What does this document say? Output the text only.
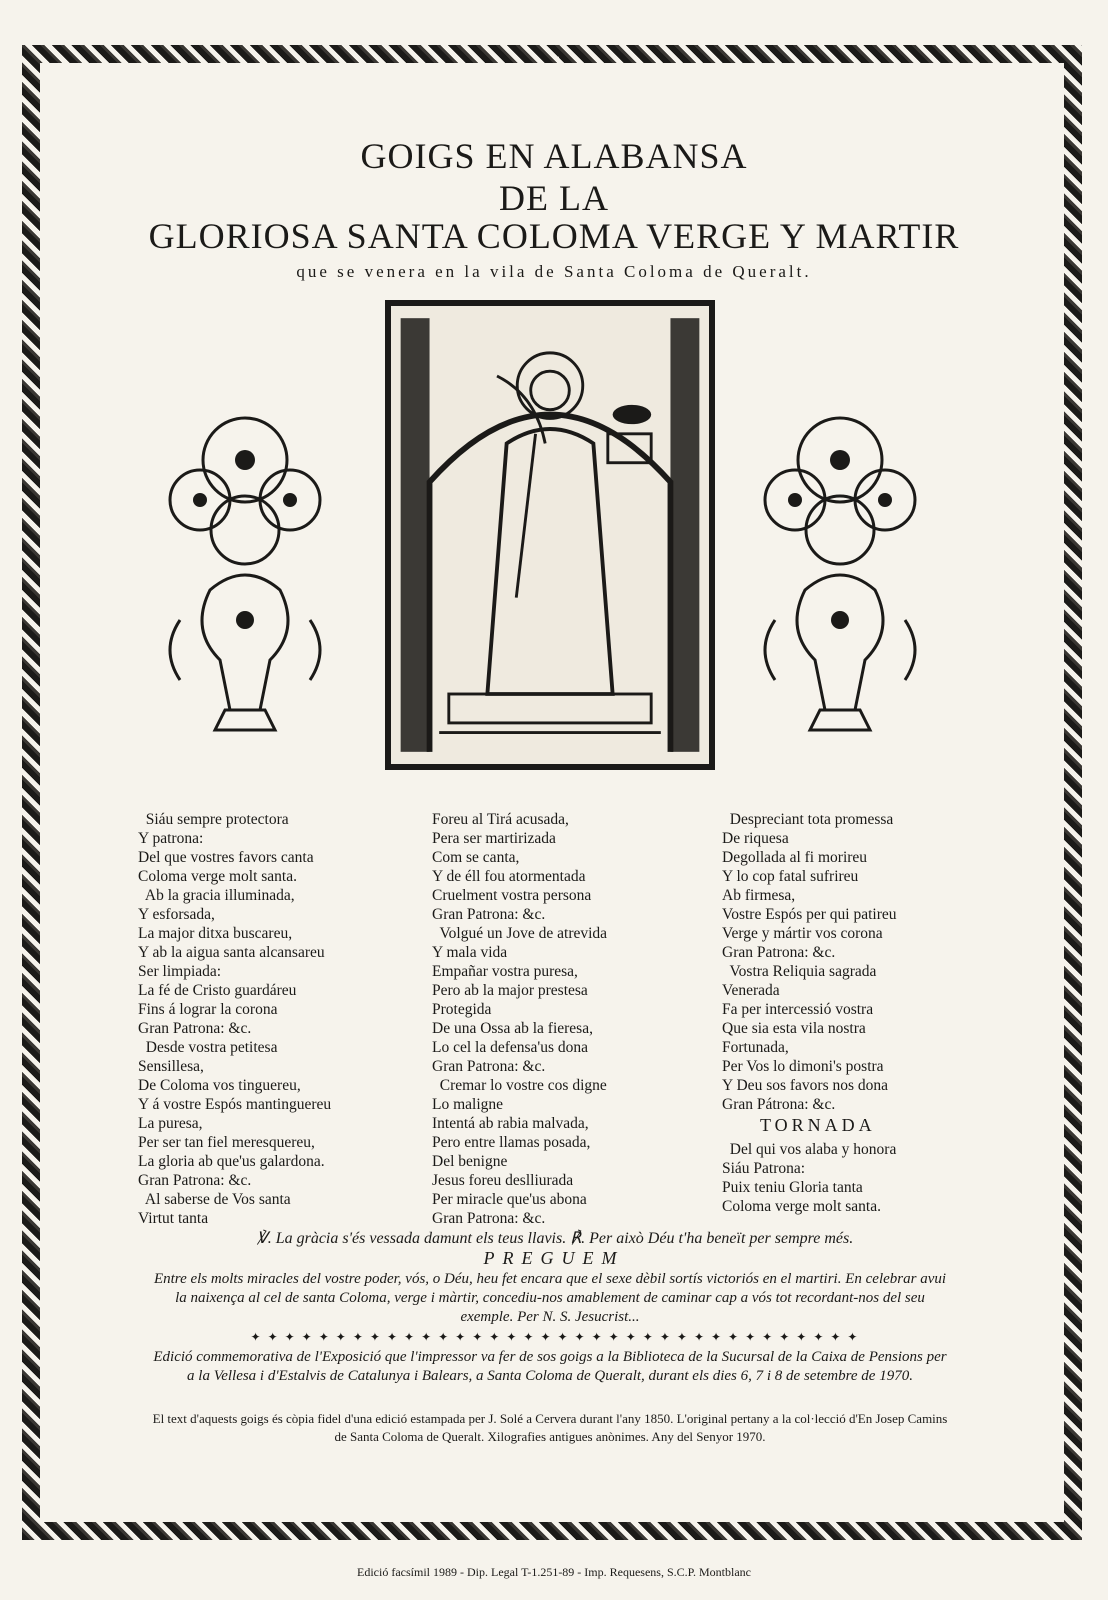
GOIGS EN ALABANSA
DE LA
GLORIOSA SANTA COLOMA VERGE Y MARTIR
que se venera en la vila de Santa Coloma de Queralt.
Siáu sempre protectora
Y patrona:
Del que vostres favors canta
Coloma verge molt santa.
Ab la gracia illuminada,
Y esforsada,
La major ditxa buscareu,
Y ab la aigua santa alcansareu
Ser limpiada:
La fé de Cristo guardáreu
Fins á lograr la corona
Gran Patrona: &c.
Desde vostra petitesa
Sensillesa,
De Coloma vos tinguereu,
Y á vostre Espós mantinguereu
La puresa,
Per ser tan fiel meresquereu,
La gloria ab que'us galardona.
Gran Patrona: &c.
Al saberse de Vos santa
Virtut tanta
Foreu al Tirá acusada,
Pera ser martirizada
Com se canta,
Y de éll fou atormentada
Cruelment vostra persona
Gran Patrona: &c.
Volgué un Jove de atrevida
Y mala vida
Empañar vostra puresa,
Pero ab la major prestesa
Protegida
De una Ossa ab la fieresa,
Lo cel la defensa'us dona
Gran Patrona: &c.
Cremar lo vostre cos digne
Lo maligne
Intentá ab rabia malvada,
Pero entre llamas posada,
Del benigne
Jesus foreu deslliurada
Per miracle que'us abona
Gran Patrona: &c.
Despreciant tota promessa
De riquesa
Degollada al fi morireu
Y lo cop fatal sufrireu
Ab firmesa,
Vostre Espós per qui patireu
Verge y mártir vos corona
Gran Patrona: &c.
Vostra Reliquia sagrada
Venerada
Fa per intercessió vostra
Que sia esta vila nostra
Fortunada,
Per Vos lo dimoni's postra
Y Deu sos favors nos dona
Gran Pátrona: &c.
TORNADA
Del qui vos alaba y honora
Siáu Patrona:
Puix teniu Gloria tanta
Coloma verge molt santa.
℣. La gràcia s'és vessada damunt els teus llavis. ℟. Per això Déu t'ha beneït per sempre més.
PREGUEM
Entre els molts miracles del vostre poder, vós, o Déu, heu fet encara que el sexe dèbil sortís victoriós en el martiri. En celebrar avui la naixença al cel de santa Coloma, verge i màrtir, concediu-nos amablement de caminar cap a vós tot recordant-nos del seu exemple. Per N. S. Jesucrist...
✦ ✦ ✦ ✦ ✦ ✦ ✦ ✦ ✦ ✦ ✦ ✦ ✦ ✦ ✦ ✦ ✦ ✦ ✦ ✦ ✦ ✦ ✦ ✦ ✦ ✦ ✦ ✦ ✦ ✦ ✦ ✦ ✦ ✦ ✦ ✦
Edició commemorativa de l'Exposició que l'impressor va fer de sos goigs a la Biblioteca de la Sucursal de la Caixa de Pensions per a la Vellesa i d'Estalvis de Catalunya i Balears, a Santa Coloma de Queralt, durant els dies 6, 7 i 8 de setembre de 1970.
El text d'aquests goigs és còpia fidel d'una edició estampada per J. Solé a Cervera durant l'any 1850. L'original pertany a la col·lecció d'En Josep Camins de Santa Coloma de Queralt. Xilografies antigues anònimes. Any del Senyor 1970.
Edició facsímil 1989 - Dip. Legal T-1.251-89 - Imp. Requesens, S.C.P. Montblanc
